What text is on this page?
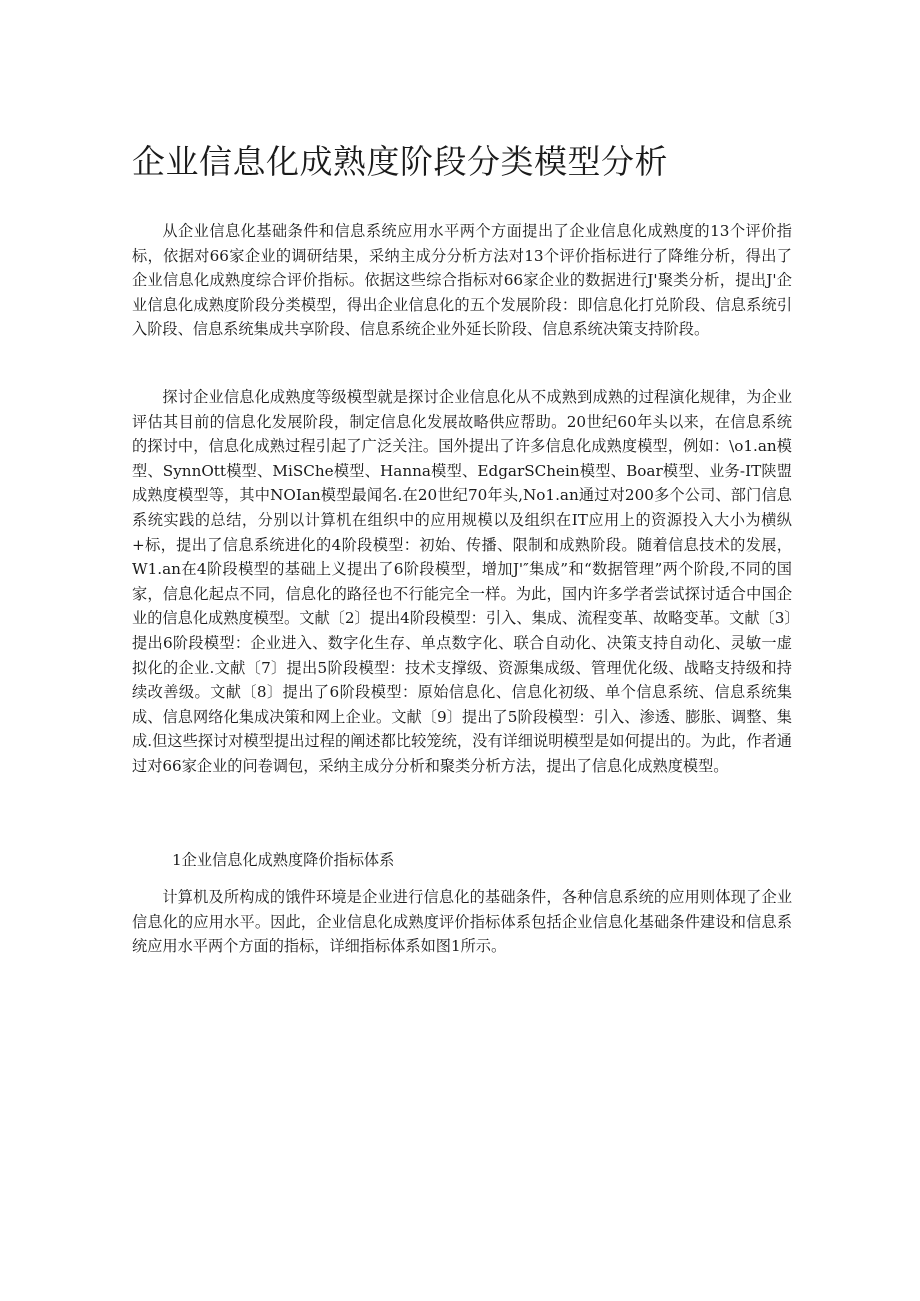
企业信息化成熟度阶段分类模型分析

从企业信息化基础条件和信息系统应用水平两个方面提出了企业信息化成熟度的13个评价指标，依据对66家企业的调研结果，采纳主成分分析方法对13个评价指标进行了降维分析，得出了企业信息化成熟度综合评价指标。依据这些综合指标对66家企业的数据进行J'聚类分析，提出J'企业信息化成熟度阶段分类模型，得出企业信息化的五个发展阶段：即信息化打兑阶段、信息系统引入阶段、信息系统集成共享阶段、信息系统企业外延长阶段、信息系统决策支持阶段。

探讨企业信息化成熟度等级模型就是探讨企业信息化从不成熟到成熟的过程演化规律，为企业评估其目前的信息化发展阶段，制定信息化发展故略供应帮助。20世纪60年头以来，在信息系统的探讨中，信息化成熟过程引起了广泛关注。国外提出了许多信息化成熟度模型，例如：\o1.an模型、SynnOtt模型、MiSChe模型、Hanna模型、EdgarSChein模型、Boar模型、业务-IT陕盟成熟度模型等，其中NOIan模型最闻名.在20世纪70年头,No1.an通过对200多个公司、部门信息系统实践的总结，分别以计算机在组织中的应用规模以及组织在IT应用上的资源投入大小为横纵+标，提出了信息系统进化的4阶段模型：初始、传播、限制和成熟阶段。随着信息技术的发展，W1.an在4阶段模型的基础上义提出了6阶段模型，增加J'″集成”和“数据管理”两个阶段,不同的国家，信息化起点不同，信息化的路径也不行能完全一样。为此，国内许多学者尝试探讨适合中国企业的信息化成熟度模型。文献〔2〕提出4阶段模型：引入、集成、流程变革、故略变革。文献〔3〕提出6阶段模型：企业进入、数字化生存、单点数字化、联合自动化、决策支持自动化、灵敏一虚拟化的企业.文献〔7〕提出5阶段模型：技术支撑级、资源集成级、管理优化级、战略支持级和持续改善级。文献〔8〕提出了6阶段模型：原始信息化、信息化初级、单个信息系统、信息系统集成、信息网络化集成决策和网上企业。文献〔9〕提出了5阶段模型：引入、渗透、膨胀、调整、集成.但这些探讨对模型提出过程的阐述都比较笼统，没有详细说明模型是如何提出的。为此，作者通过对66家企业的问卷调包，采纳主成分分析和聚类分析方法，提出了信息化成熟度模型。

1企业信息化成熟度降价指标体系

计算机及所构成的饿件环境是企业进行信息化的基础条件，各种信息系统的应用则体现了企业信息化的应用水平。因此，企业信息化成熟度评价指标体系包括企业信息化基础条件建设和信息系统应用水平两个方面的指标，详细指标体系如图1所示。
